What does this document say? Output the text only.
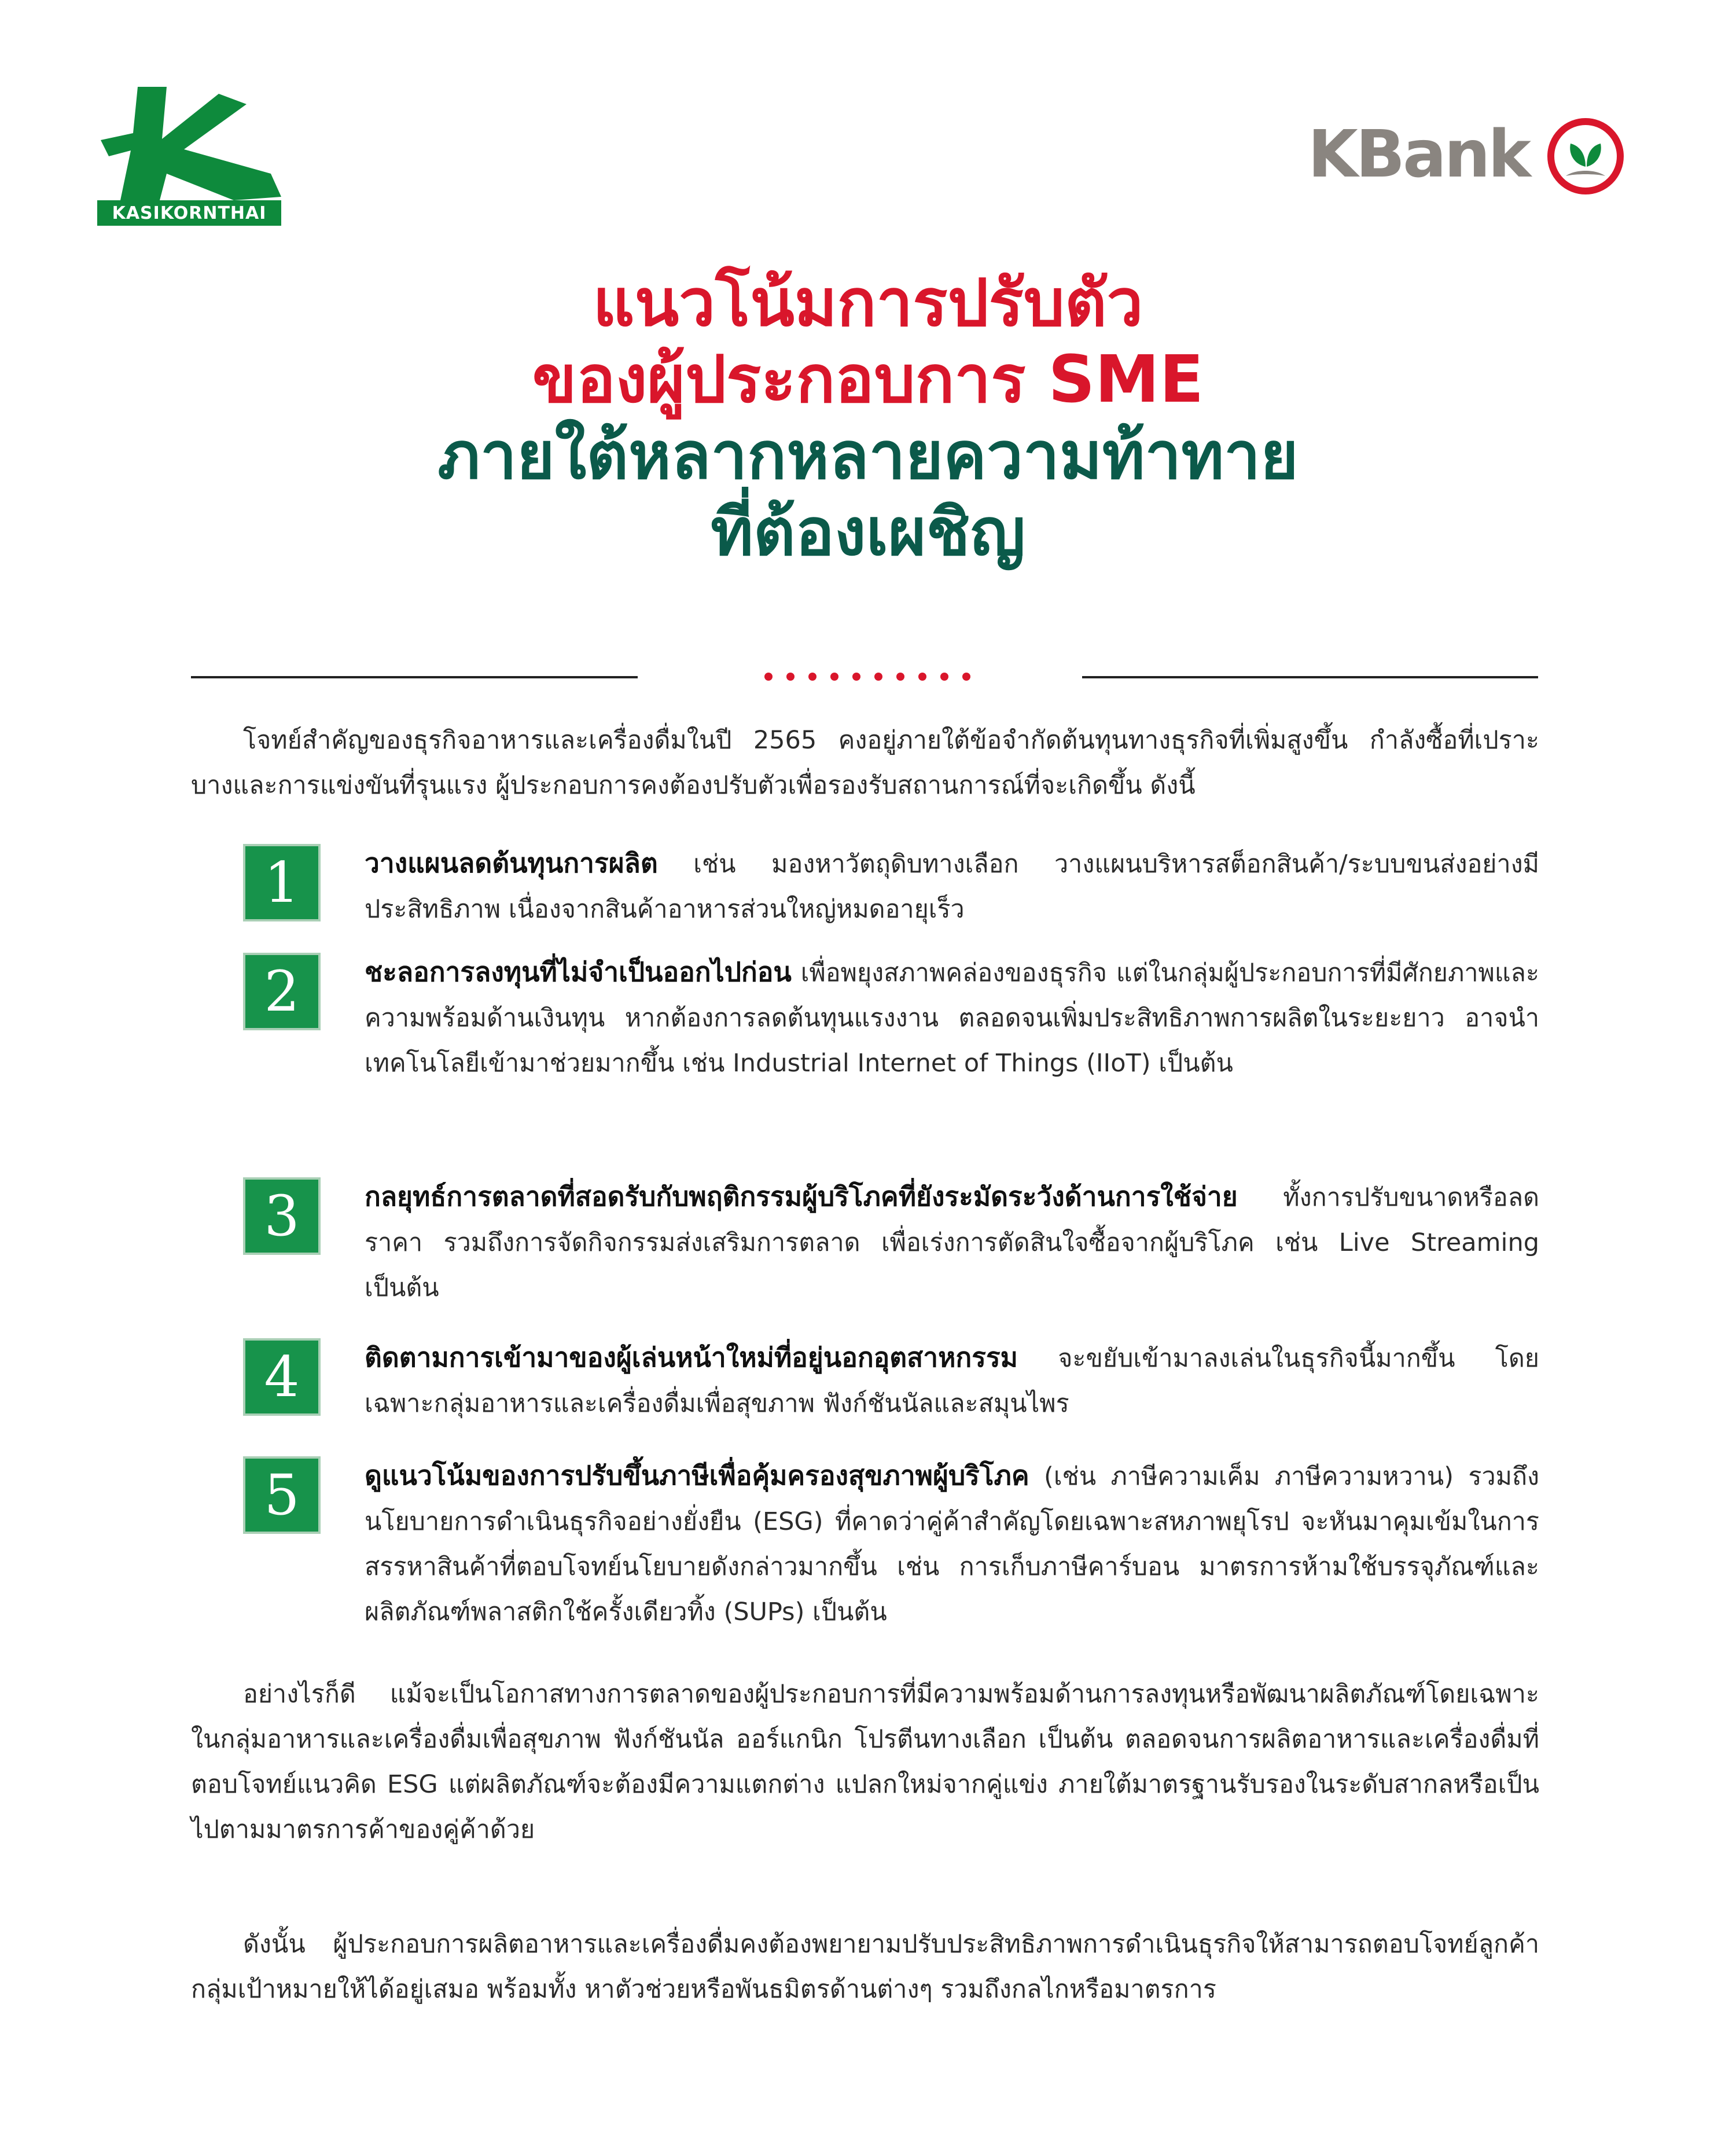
KASIKORNTHAI
KBank
แนวโน้มการปรับตัว
ของผู้ประกอบการ SME
ภายใต้หลากหลายความท้าทาย
ที่ต้องเผชิญ
โจทย์สำคัญของธุรกิจอาหารและเครื่องดื่มในปี 2565 คงอยู่ภายใต้ข้อจำกัดต้นทุนทางธุรกิจที่เพิ่มสูงขึ้น กำลังซื้อที่เปราะบางและการแข่งขันที่รุนแรง ผู้ประกอบการคงต้องปรับตัวเพื่อรองรับสถานการณ์ที่จะเกิดขึ้น ดังนี้
1	วางแผนลดต้นทุนการผลิต เช่น มองหาวัตถุดิบทางเลือก วางแผนบริหารสต็อกสินค้า/ระบบขนส่งอย่างมีประสิทธิภาพ เนื่องจากสินค้าอาหารส่วนใหญ่หมดอายุเร็ว
2	ชะลอการลงทุนที่ไม่จำเป็นออกไปก่อน เพื่อพยุงสภาพคล่องของธุรกิจ แต่ในกลุ่มผู้ประกอบการที่มีศักยภาพและความพร้อมด้านเงินทุน หากต้องการลดต้นทุนแรงงาน ตลอดจนเพิ่มประสิทธิภาพการผลิตในระยะยาว อาจนำเทคโนโลยีเข้ามาช่วยมากขึ้น เช่น Industrial Internet of Things (IIoT) เป็นต้น
3	กลยุทธ์การตลาดที่สอดรับกับพฤติกรรมผู้บริโภคที่ยังระมัดระวังด้านการใช้จ่าย ทั้งการปรับขนาดหรือลดราคา รวมถึงการจัดกิจกรรมส่งเสริมการตลาด เพื่อเร่งการตัดสินใจซื้อจากผู้บริโภค เช่น Live Streaming เป็นต้น
4	ติดตามการเข้ามาของผู้เล่นหน้าใหม่ที่อยู่นอกอุตสาหกรรม จะขยับเข้ามาลงเล่นในธุรกิจนี้มากขึ้น โดยเฉพาะกลุ่มอาหารและเครื่องดื่มเพื่อสุขภาพ ฟังก์ชันนัลและสมุนไพร
5	ดูแนวโน้มของการปรับขึ้นภาษีเพื่อคุ้มครองสุขภาพผู้บริโภค (เช่น ภาษีความเค็ม ภาษีความหวาน) รวมถึงนโยบายการดำเนินธุรกิจอย่างยั่งยืน (ESG) ที่คาดว่าคู่ค้าสำคัญโดยเฉพาะสหภาพยุโรป จะหันมาคุมเข้มในการสรรหาสินค้าที่ตอบโจทย์นโยบายดังกล่าวมากขึ้น เช่น การเก็บภาษีคาร์บอน มาตรการห้ามใช้บรรจุภัณฑ์และผลิตภัณฑ์พลาสติกใช้ครั้งเดียวทิ้ง (SUPs) เป็นต้น
อย่างไรก็ดี แม้จะเป็นโอกาสทางการตลาดของผู้ประกอบการที่มีความพร้อมด้านการลงทุนหรือพัฒนาผลิตภัณฑ์โดยเฉพาะในกลุ่มอาหารและเครื่องดื่มเพื่อสุขภาพ ฟังก์ชันนัล ออร์แกนิก โปรตีนทางเลือก เป็นต้น ตลอดจนการผลิตอาหารและเครื่องดื่มที่ตอบโจทย์แนวคิด ESG แต่ผลิตภัณฑ์จะต้องมีความแตกต่าง แปลกใหม่จากคู่แข่ง ภายใต้มาตรฐานรับรองในระดับสากลหรือเป็นไปตามมาตรการค้าของคู่ค้าด้วย
ดังนั้น ผู้ประกอบการผลิตอาหารและเครื่องดื่มคงต้องพยายามปรับประสิทธิภาพการดำเนินธุรกิจให้สามารถตอบโจทย์ลูกค้ากลุ่มเป้าหมายให้ได้อยู่เสมอ พร้อมทั้ง หาตัวช่วยหรือพันธมิตรด้านต่างๆ รวมถึงกลไกหรือมาตรการ
